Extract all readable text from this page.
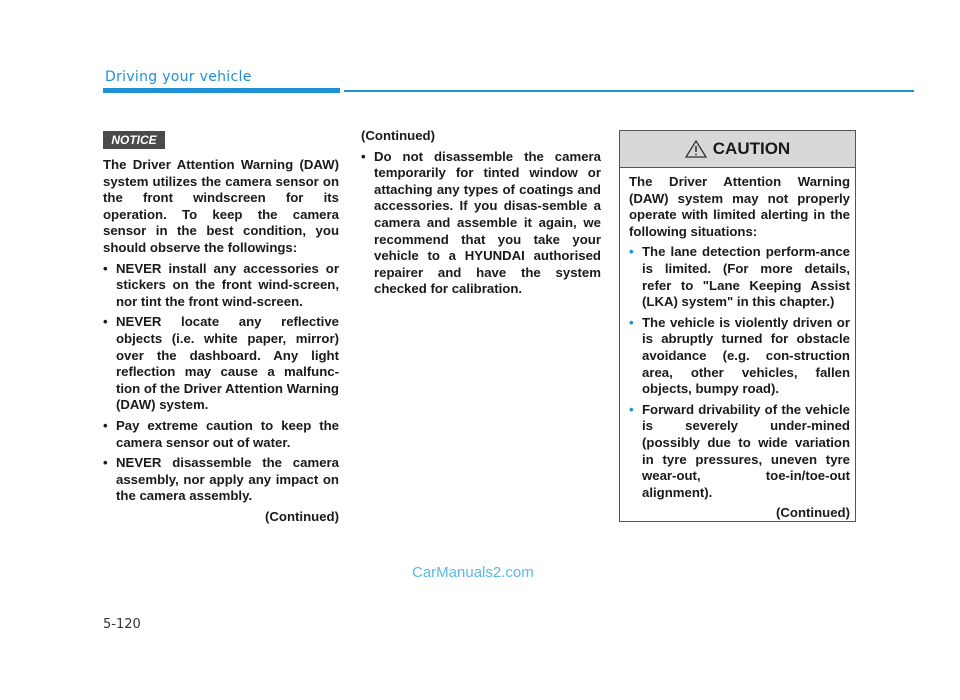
Driving your vehicle
NOTICE

The Driver Attention Warning (DAW) system utilizes the camera sensor on the front windscreen for its operation. To keep the camera sensor in the best condition, you should observe the followings:

• NEVER install any accessories or stickers on the front wind-screen, nor tint the front wind-screen.
• NEVER locate any reflective objects (i.e. white paper, mirror) over the dashboard. Any light reflection may cause a malfunc-tion of the Driver Attention Warning (DAW) system.
• Pay extreme caution to keep the camera sensor out of water.
• NEVER disassemble the camera assembly, nor apply any impact on the camera assembly.
(Continued)
(Continued)
• Do not disassemble the camera temporarily for tinted window or attaching any types of coatings and accessories. If you disas-semble a camera and assemble it again, we recommend that you take your vehicle to a HYUNDAI authorised repairer and have the system checked for calibration.
CAUTION

The Driver Attention Warning (DAW) system may not properly operate with limited alerting in the following situations:

• The lane detection perform-ance is limited. (For more details, refer to "Lane Keeping Assist (LKA) system" in this chapter.)
• The vehicle is violently driven or is abruptly turned for obstacle avoidance (e.g. con-struction area, other vehicles, fallen objects, bumpy road).
• Forward drivability of the vehicle is severely under-mined (possibly due to wide variation in tyre pressures, uneven tyre wear-out, toe-in/toe-out alignment).
(Continued)
CarManuals2.com
5-120
